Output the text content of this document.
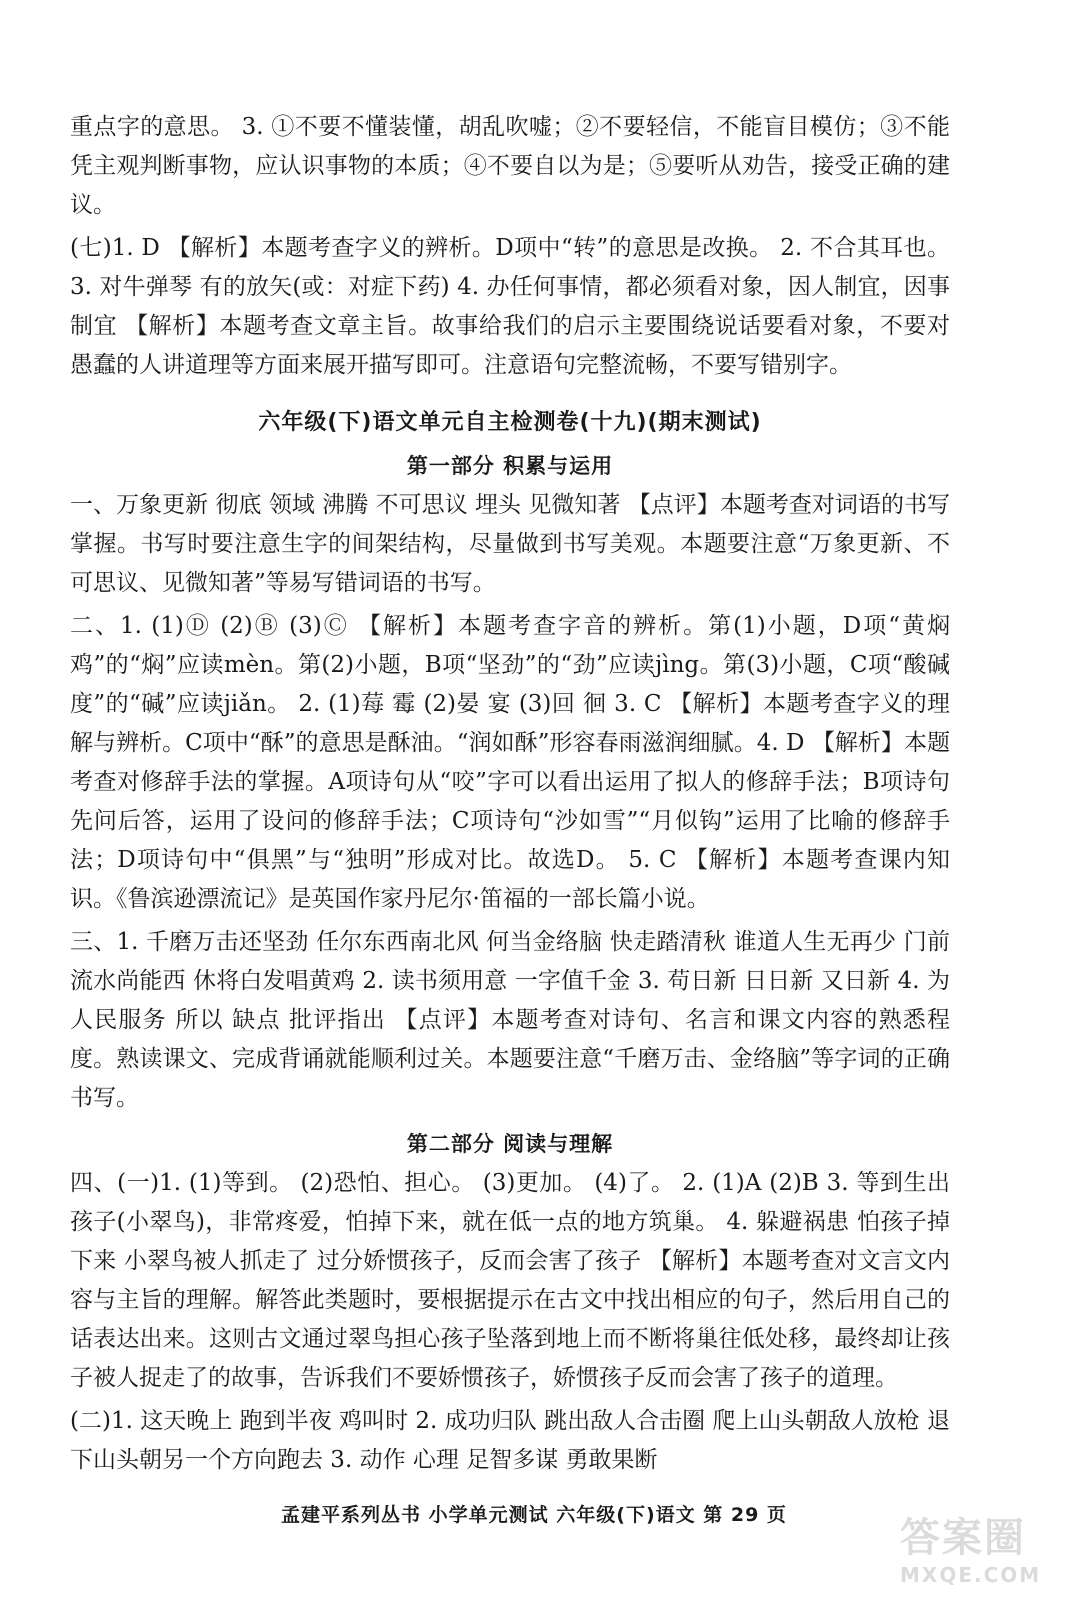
重点字的意思。 3. ①不要不懂装懂，胡乱吹嘘；②不要轻信，不能盲目模仿；③不能凭主观判断事物，应认识事物的本质；④不要自以为是；⑤要听从劝告，接受正确的建议。

(七)1. D 【解析】本题考查字义的辨析。D项中“转”的意思是改换。 2. 不合其耳也。 3. 对牛弹琴 有的放矢(或：对症下药) 4. 办任何事情，都必须看对象，因人制宜，因事制宜 【解析】本题考查文章主旨。故事给我们的启示主要围绕说话要看对象，不要对愚蠢的人讲道理等方面来展开描写即可。注意语句完整流畅，不要写错别字。

六年级(下)语文单元自主检测卷(十九)(期末测试)
第一部分 积累与运用

一、万象更新 彻底 领域 沸腾 不可思议 埋头 见微知著 【点评】本题考查对词语的书写掌握。书写时要注意生字的间架结构，尽量做到书写美观。本题要注意“万象更新、不可思议、见微知著”等易写错词语的书写。

二、1. (1)Ⓓ (2)Ⓑ (3)Ⓒ 【解析】本题考查字音的辨析。第(1)小题，D项“黄焖鸡”的“焖”应读mèn。第(2)小题，B项“坚劲”的“劲”应读jìng。第(3)小题，C项“酸碱度”的“碱”应读jiǎn。 2. (1)莓 霉 (2)晏 宴 (3)回 徊 3. C 【解析】本题考查字义的理解与辨析。C项中“酥”的意思是酥油。“润如酥”形容春雨滋润细腻。4. D 【解析】本题考查对修辞手法的掌握。A项诗句从“咬”字可以看出运用了拟人的修辞手法；B项诗句先问后答，运用了设问的修辞手法；C项诗句“沙如雪”“月似钩”运用了比喻的修辞手法；D项诗句中“俱黑”与“独明”形成对比。故选D。 5. C 【解析】本题考查课内知识。《鲁滨逊漂流记》是英国作家丹尼尔·笛福的一部长篇小说。

三、1. 千磨万击还坚劲 任尔东西南北风 何当金络脑 快走踏清秋 谁道人生无再少 门前流水尚能西 休将白发唱黄鸡 2. 读书须用意 一字值千金 3. 苟日新 日日新 又日新 4. 为人民服务 所以 缺点 批评指出 【点评】本题考查对诗句、名言和课文内容的熟悉程度。熟读课文、完成背诵就能顺利过关。本题要注意“千磨万击、金络脑”等字词的正确书写。

第二部分 阅读与理解

四、(一)1. (1)等到。 (2)恐怕、担心。 (3)更加。 (4)了。 2. (1)A (2)B 3. 等到生出孩子(小翠鸟)，非常疼爱，怕掉下来，就在低一点的地方筑巢。 4. 躲避祸患 怕孩子掉下来 小翠鸟被人抓走了 过分娇惯孩子，反而会害了孩子 【解析】本题考查对文言文内容与主旨的理解。解答此类题时，要根据提示在古文中找出相应的句子，然后用自己的话表达出来。这则古文通过翠鸟担心孩子坠落到地上而不断将巢往低处移，最终却让孩子被人捉走了的故事，告诉我们不要娇惯孩子，娇惯孩子反而会害了孩子的道理。

(二)1. 这天晚上 跑到半夜 鸡叫时 2. 成功归队 跳出敌人合击圈 爬上山头朝敌人放枪 退下山头朝另一个方向跑去 3. 动作 心理 足智多谋 勇敢果断

孟建平系列丛书 小学单元测试 六年级(下)语文 第 29 页	答案圈
MXQE.COM
